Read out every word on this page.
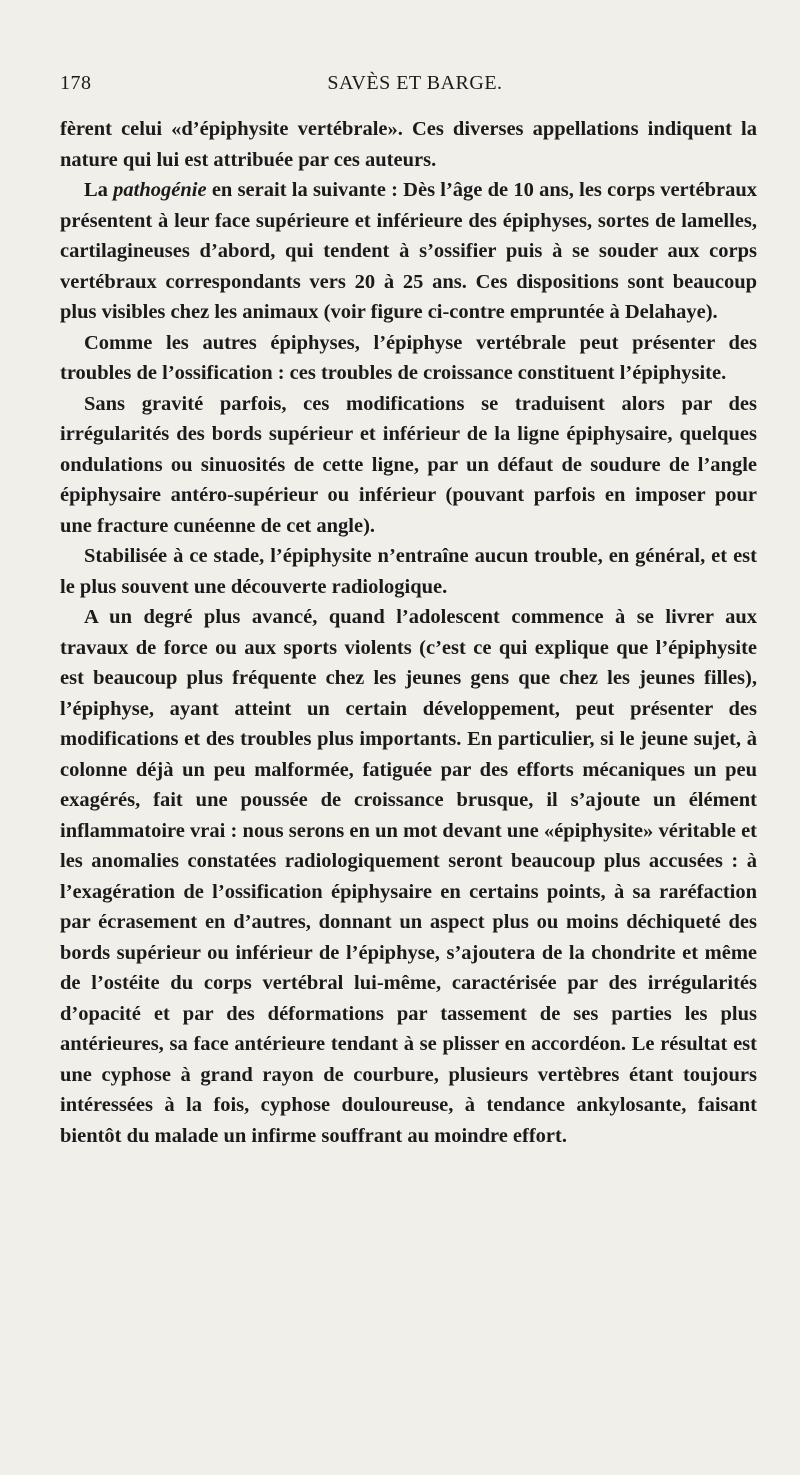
178	SAVÈS ET BARGE.

fèrent celui «d’épiphysite vertébrale». Ces diverses appellations indiquent la nature qui lui est attribuée par ces auteurs.

La pathogénie en serait la suivante : Dès l’âge de 10 ans, les corps vertébraux présentent à leur face supérieure et inférieure des épiphyses, sortes de lamelles, cartilagineuses d’abord, qui tendent à s’ossifier puis à se souder aux corps vertébraux correspondants vers 20 à 25 ans. Ces dispositions sont beaucoup plus visibles chez les animaux (voir figure ci-contre empruntée à Delahaye).

Comme les autres épiphyses, l’épiphyse vertébrale peut présenter des troubles de l’ossification : ces troubles de croissance constituent l’épiphysite.

Sans gravité parfois, ces modifications se traduisent alors par des irrégularités des bords supérieur et inférieur de la ligne épiphysaire, quelques ondulations ou sinuosités de cette ligne, par un défaut de soudure de l’angle épiphysaire antéro-supérieur ou inférieur (pouvant parfois en imposer pour une fracture cunéenne de cet angle).

Stabilisée à ce stade, l’épiphysite n’entraîne aucun trouble, en général, et est le plus souvent une découverte radiologique.

A un degré plus avancé, quand l’adolescent commence à se livrer aux travaux de force ou aux sports violents (c’est ce qui explique que l’épiphysite est beaucoup plus fréquente chez les jeunes gens que chez les jeunes filles), l’épiphyse, ayant atteint un certain développement, peut présenter des modifications et des troubles plus importants. En particulier, si le jeune sujet, à colonne déjà un peu malformée, fatiguée par des efforts mécaniques un peu exagérés, fait une poussée de croissance brusque, il s’ajoute un élément inflammatoire vrai : nous serons en un mot devant une «épiphysite» véritable et les anomalies constatées radiologiquement seront beaucoup plus accusées : à l’exagération de l’ossification épiphysaire en certains points, à sa raréfaction par écrasement en d’autres, donnant un aspect plus ou moins déchiqueté des bords supérieur ou inférieur de l’épiphyse, s’ajoutera de la chondrite et même de l’ostéite du corps vertébral lui-même, caractérisée par des irrégularités d’opacité et par des déformations par tassement de ses parties les plus antérieures, sa face antérieure tendant à se plisser en accordéon. Le résultat est une cyphose à grand rayon de courbure, plusieurs vertèbres étant toujours intéressées à la fois, cyphose douloureuse, à tendance ankylosante, faisant bientôt du malade un infirme souffrant au moindre effort.
